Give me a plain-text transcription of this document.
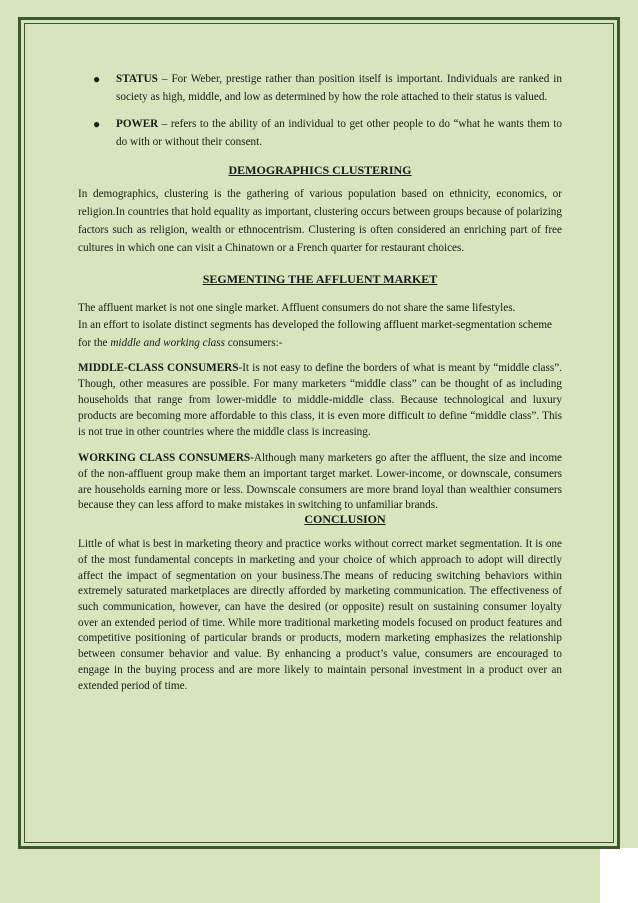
● STATUS – For Weber, prestige rather than position itself is important. Individuals are ranked in society as high, middle, and low as determined by how the role attached to their status is valued.
● POWER – refers to the ability of an individual to get other people to do “what he wants them to do with or without their consent.
DEMOGRAPHICS CLUSTERING

In demographics, clustering is the gathering of various population based on ethnicity, economics, or religion.In countries that hold equality as important, clustering occurs between groups because of polarizing factors such as religion, wealth or ethnocentrism. Clustering is often considered an enriching part of free cultures in which one can visit a Chinatown or a French quarter for restaurant choices.

SEGMENTING THE AFFLUENT MARKET

The affluent market is not one single market. Affluent consumers do not share the same lifestyles.

In an effort to isolate distinct segments has developed the following affluent market-segmentation scheme for the middle and working class consumers:-

MIDDLE-CLASS CONSUMERS-It is not easy to define the borders of what is meant by “middle class”. Though, other measures are possible. For many marketers “middle class” can be thought of as including households that range from lower-middle to middle-middle class. Because technological and luxury products are becoming more affordable to this class, it is even more difficult to define “middle class”. This is not true in other countries where the middle class is increasing.

WORKING CLASS CONSUMERS-Although many marketers go after the affluent, the size and income of the non-affluent group make them an important target market. Lower-income, or downscale, consumers are households earning more or less. Downscale consumers are more brand loyal than wealthier consumers because they can less afford to make mistakes in switching to unfamiliar brands.

CONCLUSION

Little of what is best in marketing theory and practice works without correct market segmentation. It is one of the most fundamental concepts in marketing and your choice of which approach to adopt will directly affect the impact of segmentation on your business.The means of reducing switching behaviors within extremely saturated marketplaces are directly afforded by marketing communication. The effectiveness of such communication, however, can have the desired (or opposite) result on sustaining consumer loyalty over an extended period of time. While more traditional marketing models focused on product features and competitive positioning of particular brands or products, modern marketing emphasizes the relationship between consumer behavior and value. By enhancing a product’s value, consumers are encouraged to engage in the buying process and are more likely to maintain personal investment in a product over an extended period of time.
